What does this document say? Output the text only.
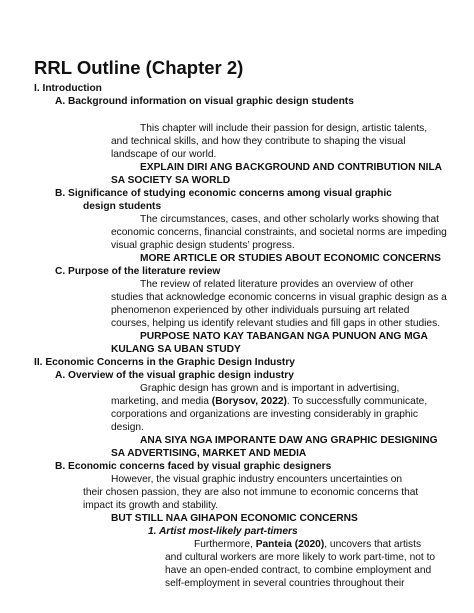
RRL Outline (Chapter 2)
I. Introduction
A. Background information on visual graphic design students
This chapter will include their passion for design, artistic talents,
and technical skills, and how they contribute to shaping the visual
landscape of our world.
EXPLAIN DIRI ANG BACKGROUND AND CONTRIBUTION NILA
SA SOCIETY SA WORLD
B. Significance of studying economic concerns among visual graphic
design students
The circumstances, cases, and other scholarly works showing that
economic concerns, financial constraints, and societal norms are impeding
visual graphic design students’ progress.
MORE ARTICLE OR STUDIES ABOUT ECONOMIC CONCERNS
C. Purpose of the literature review
The review of related literature provides an overview of other
studies that acknowledge economic concerns in visual graphic design as a
phenomenon experienced by other individuals pursuing art related
courses, helping us identify relevant studies and fill gaps in other studies.
PURPOSE NATO KAY TABANGAN NGA PUNUON ANG MGA
KULANG SA UBAN STUDY
II. Economic Concerns in the Graphic Design Industry
A. Overview of the visual graphic design industry
Graphic design has grown and is important in advertising,
marketing, and media (Borysov, 2022). To successfully communicate,
corporations and organizations are investing considerably in graphic
design.
ANA SIYA NGA IMPORANTE DAW ANG GRAPHIC DESIGNING
SA ADVERTISING, MARKET AND MEDIA
B. Economic concerns faced by visual graphic designers
However, the visual graphic industry encounters uncertainties on
their chosen passion, they are also not immune to economic concerns that
impact its growth and stability.
BUT STILL NAA GIHAPON ECONOMIC CONCERNS
1. Artist most-likely part-timers
Furthermore, Panteia (2020), uncovers that artists
and cultural workers are more likely to work part-time, not to
have an open-ended contract, to combine employment and
self-employment in several countries throughout their
